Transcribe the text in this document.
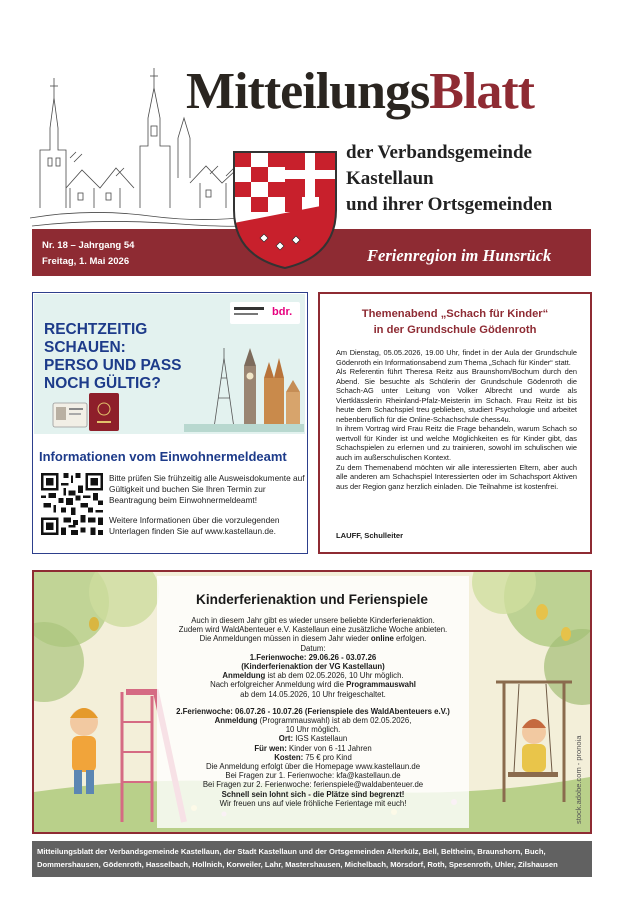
MitteilungsBlatt
der Verbandsgemeinde
Kastellaun
und ihrer Ortsgemeinden
Nr. 18 – Jahrgang 54
Freitag, 1. Mai 2026	Ferienregion im Hunsrück
bdr.
RECHTZEITIG
SCHAUEN:
PERSO UND PASS
NOCH GÜLTIG?
Informationen vom Einwohnermeldeamt

Bitte prüfen Sie frühzeitig alle Ausweisdokumente auf Gültigkeit und buchen Sie Ihren Termin zur Beantragung beim Einwohnermeldeamt!

Weitere Informationen über die vorzulegenden Unterlagen finden Sie auf www.kastellaun.de.

Themenabend „Schach für Kinder“
in der Grundschule Gödenroth
Am Dienstag, 05.05.2026, 19.00 Uhr, findet in der Aula der Grundschule Gödenroth ein Informationsabend zum Thema „Schach für Kinder“ statt.
Als Referentin führt Theresa Reitz aus Braunshorn/Bochum durch den Abend. Sie besuchte als Schülerin der Grundschule Gödenroth die Schach-AG unter Leitung von Volker Albrecht und wurde als Viertklässlerin Rheinland-Pfalz-Meisterin im Schach. Frau Reitz ist bis heute dem Schachspiel treu geblieben, studiert Psychologie und arbeitet nebenberuflich für die Online-Schachschule chess4u.
In ihrem Vortrag wird Frau Reitz die Frage behandeln, warum Schach so wertvoll für Kinder ist und welche Möglichkeiten es für Kinder gibt, das Schachspielen zu erlernen und zu trainieren, sowohl im schulischen wie auch im außerschulischen Kontext.
Zu dem Themenabend möchten wir alle interessierten Eltern, aber auch alle anderen am Schachspiel Interessierten oder im Schachsport Aktiven aus der Region ganz herzlich einladen. Die Teilnahme ist kostenfrei.
LAUFF, Schulleiter
Kinderferienaktion und Ferienspiele
Auch in diesem Jahr gibt es wieder unsere beliebte Kinderferienaktion.
Zudem wird WaldAbenteuer e.V. Kastellaun eine zusätzliche Woche anbieten.
Die Anmeldungen müssen in diesem Jahr wieder online erfolgen.
Datum:
1.Ferienwoche: 29.06.26 - 03.07.26
(Kinderferienaktion der VG Kastellaun)
Anmeldung ist ab dem 02.05.2026, 10 Uhr möglich.
Nach erfolgreicher Anmeldung wird die Programmauswahl
ab dem 14.05.2026, 10 Uhr freigeschaltet.
2.Ferienwoche: 06.07.26 - 10.07.26 (Ferienspiele des WaldAbenteuers e.V.)
Anmeldung (Programmauswahl) ist ab dem 02.05.2026,
10 Uhr möglich.
Ort: IGS Kastellaun
Für wen: Kinder von 6 -11 Jahren
Kosten: 75 € pro Kind
Die Anmeldung erfolgt über die Homepage www.kastellaun.de
Bei Fragen zur 1. Ferienwoche: kfa@kastellaun.de
Bei Fragen zur 2. Ferienwoche: ferienspiele@waldabenteuer.de
Schnell sein lohnt sich - die Plätze sind begrenzt!
Wir freuen uns auf viele fröhliche Ferientage mit euch!	stock.adobe.com - pronoia
Mitteilungsblatt der Verbandsgemeinde Kastellaun, der Stadt Kastellaun und der Ortsgemeinden Alterkülz, Bell, Beltheim, Braunshorn, Buch, Dommershausen, Gödenroth, Hasselbach, Hollnich, Korweiler, Lahr, Mastershausen, Michelbach, Mörsdorf, Roth, Spesenroth, Uhler, Zilshausen
